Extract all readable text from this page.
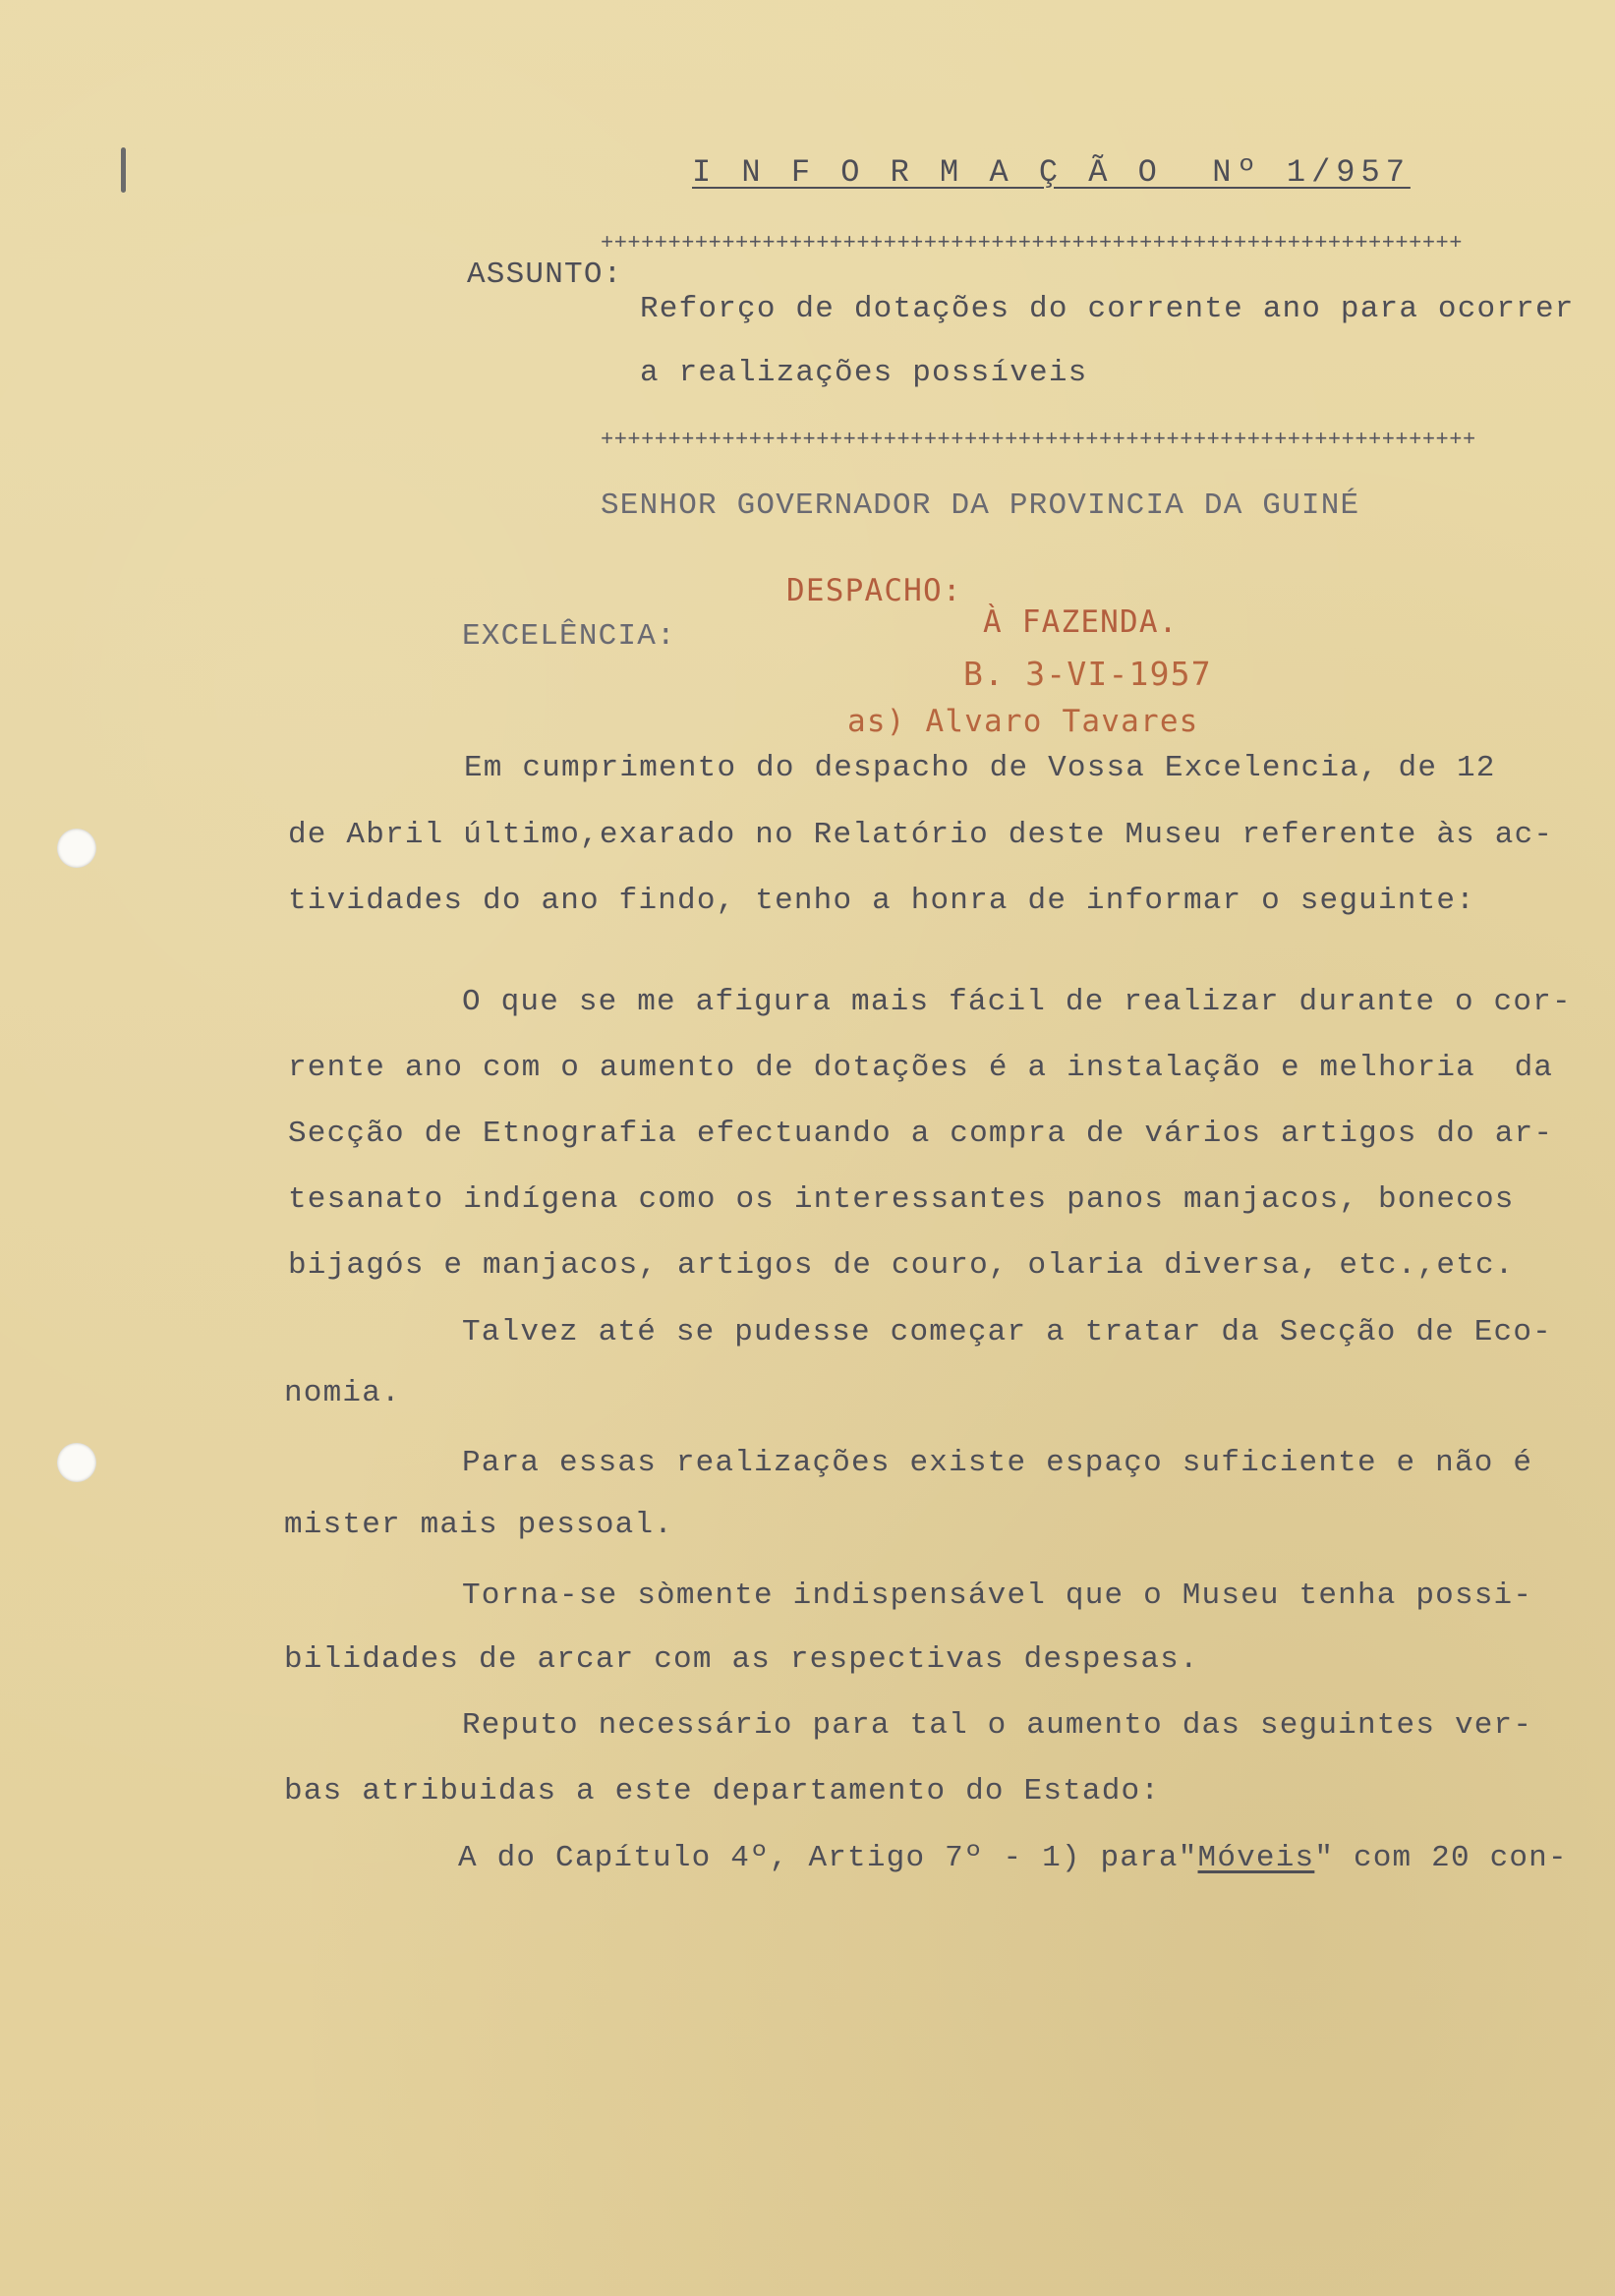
I N F O R M A Ç Ã O  Nº 1/957
++++++++++++++++++++++++++++++++++++++++++++++++++++++++++++++++
ASSUNTO:
Reforço de dotações do corrente ano para ocorrer
a realizações possíveis
+++++++++++++++++++++++++++++++++++++++++++++++++++++++++++++++++
SENHOR GOVERNADOR DA PROVINCIA DA GUINÉ
DESPACHO:
EXCELÊNCIA:	À FAZENDA.
B. 3-VI-1957
as) Alvaro Tavares
Em cumprimento do despacho de Vossa Excelencia, de 12
de Abril último,exarado no Relatório deste Museu referente às ac-
tividades do ano findo, tenho a honra de informar o seguinte:
O que se me afigura mais fácil de realizar durante o cor-
rente ano com o aumento de dotações é a instalação e melhoria  da
Secção de Etnografia efectuando a compra de vários artigos do ar-
tesanato indígena como os interessantes panos manjacos, bonecos
bijagós e manjacos, artigos de couro, olaria diversa, etc.,etc.
Talvez até se pudesse começar a tratar da Secção de Eco-
nomia.
Para essas realizações existe espaço suficiente e não é
mister mais pessoal.
Torna-se sòmente indispensável que o Museu tenha possi-
bilidades de arcar com as respectivas despesas.
Reputo necessário para tal o aumento das seguintes ver-
bas atribuidas a este departamento do Estado:
A do Capítulo 4º, Artigo 7º - 1) para"Móveis" com 20 con-
